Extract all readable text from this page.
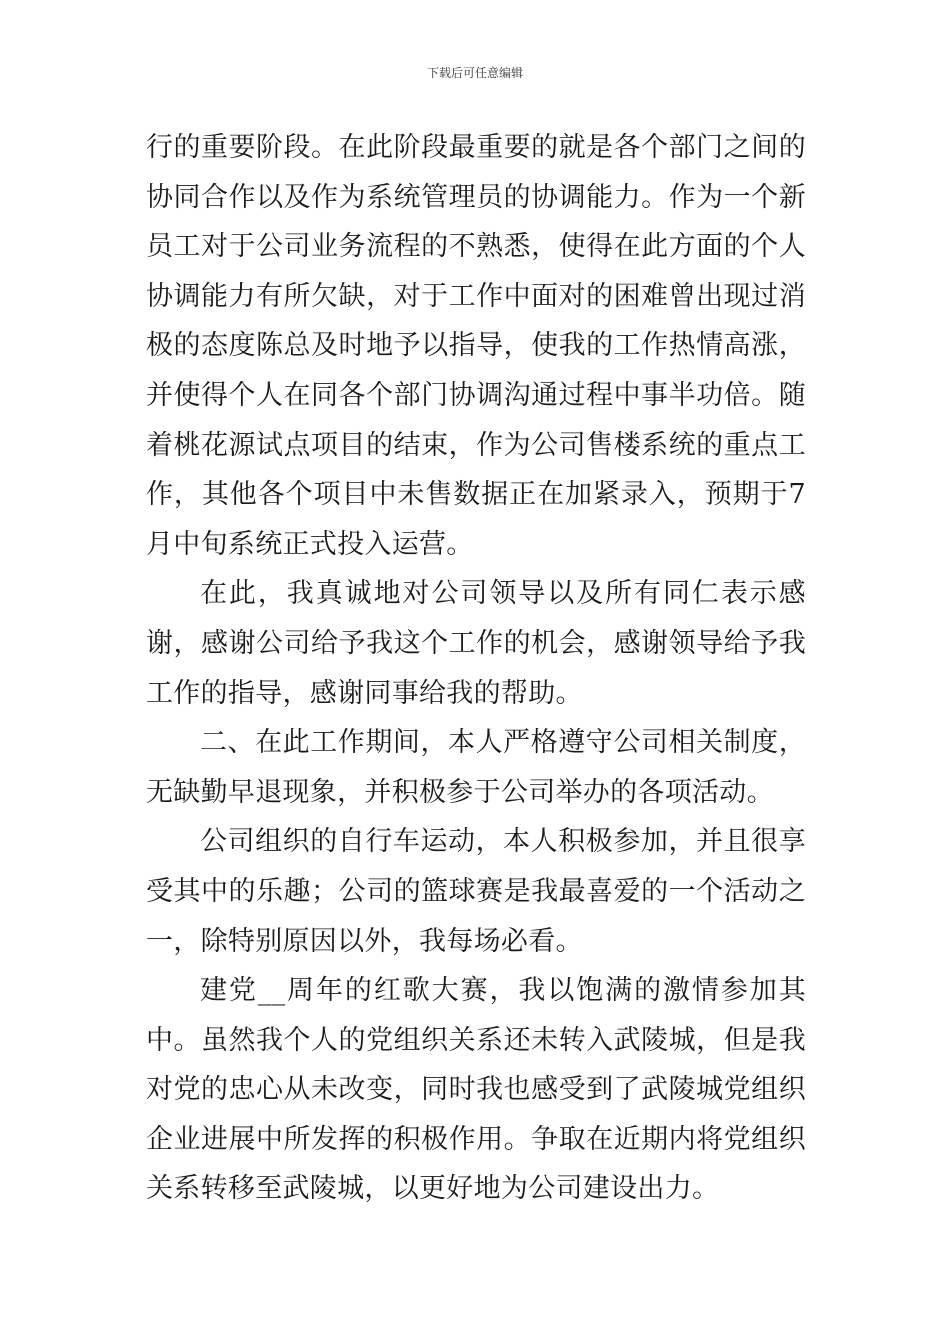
下载后可任意编辑

行的重要阶段。在此阶段最重要的就是各个部门之间的协同合作以及作为系统管理员的协调能力。作为一个新员工对于公司业务流程的不熟悉，使得在此方面的个人协调能力有所欠缺，对于工作中面对的困难曾出现过消极的态度陈总及时地予以指导，使我的工作热情高涨，并使得个人在同各个部门协调沟通过程中事半功倍。随着桃花源试点项目的结束，作为公司售楼系统的重点工作，其他各个项目中未售数据正在加紧录入，预期于7月中旬系统正式投入运营。

在此，我真诚地对公司领导以及所有同仁表示感谢，感谢公司给予我这个工作的机会，感谢领导给予我工作的指导，感谢同事给我的帮助。

二、在此工作期间，本人严格遵守公司相关制度，无缺勤早退现象，并积极参于公司举办的各项活动。

公司组织的自行车运动，本人积极参加，并且很享受其中的乐趣；公司的篮球赛是我最喜爱的一个活动之一，除特别原因以外，我每场必看。

建党__周年的红歌大赛，我以饱满的激情参加其中。虽然我个人的党组织关系还未转入武陵城，但是我对党的忠心从未改变，同时我也感受到了武陵城党组织企业进展中所发挥的积极作用。争取在近期内将党组织关系转移至武陵城，以更好地为公司建设出力。
